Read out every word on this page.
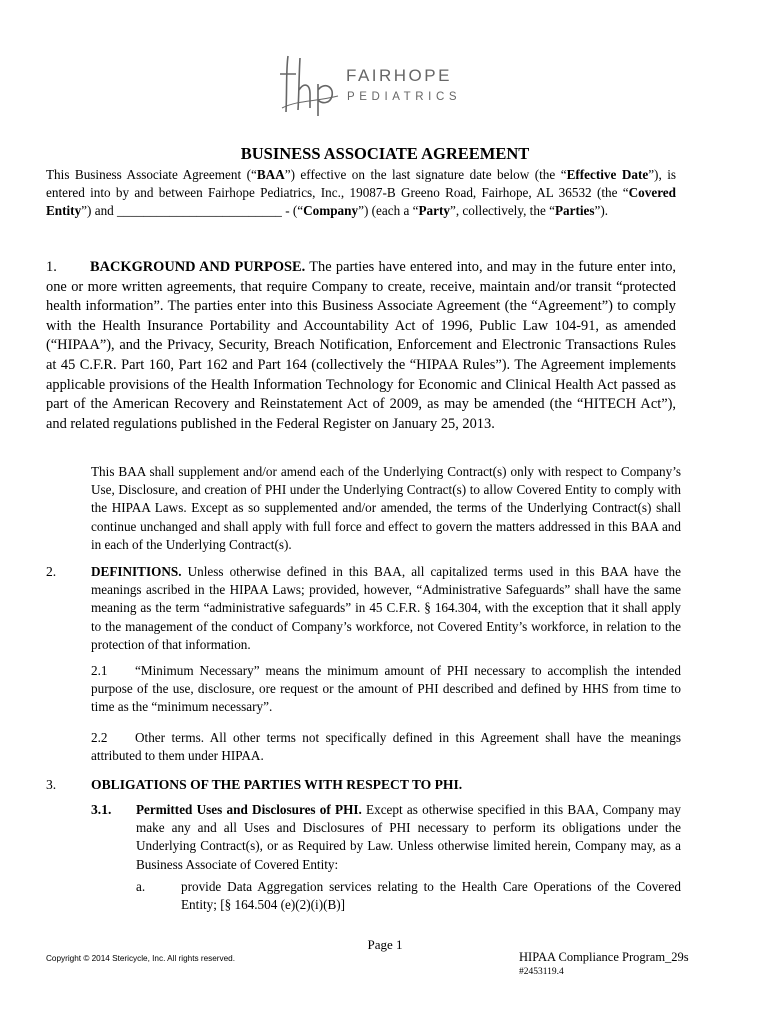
FAIRHOPE
PEDIATRICS
BUSINESS ASSOCIATE AGREEMENT

This Business Associate Agreement (“BAA”) effective on the last signature date below (the “Effective Date”), is entered into by and between Fairhope Pediatrics, Inc., 19087-B Greeno Road, Fairhope, AL 36532 (the “Covered Entity”) and _________________________ - (“Company”) (each a “Party”, collectively, the “Parties”).

1.	BACKGROUND AND PURPOSE. The parties have entered into, and may in the future enter into, one or more written agreements, that require Company to create, receive, maintain and/or transit “protected health information”. The parties enter into this Business Associate Agreement (the “Agreement”) to comply with the Health Insurance Portability and Accountability Act of 1996, Public Law 104-91, as amended (“HIPAA”), and the Privacy, Security, Breach Notification, Enforcement and Electronic Transactions Rules at 45 C.F.R. Part 160, Part 162 and Part 164 (collectively the “HIPAA Rules”). The Agreement implements applicable provisions of the Health Information Technology for Economic and Clinical Health Act passed as part of the American Recovery and Reinstatement Act of 2009, as may be amended (the “HITECH Act”), and related regulations published in the Federal Register on January 25, 2013.

This BAA shall supplement and/or amend each of the Underlying Contract(s) only with respect to Company’s Use, Disclosure, and creation of PHI under the Underlying Contract(s) to allow Covered Entity to comply with the HIPAA Laws. Except as so supplemented and/or amended, the terms of the Underlying Contract(s) shall continue unchanged and shall apply with full force and effect to govern the matters addressed in this BAA and in each of the Underlying Contract(s).

2.	DEFINITIONS. Unless otherwise defined in this BAA, all capitalized terms used in this BAA have the meanings ascribed in the HIPAA Laws; provided, however, “Administrative Safeguards” shall have the same meaning as the term “administrative safeguards” in 45 C.F.R. § 164.304, with the exception that it shall apply to the management of the conduct of Company’s workforce, not Covered Entity’s workforce, in relation to the protection of that information.

2.1	“Minimum Necessary” means the minimum amount of PHI necessary to accomplish the intended purpose of the use, disclosure, ore request or the amount of PHI described and defined by HHS from time to time as the “minimum necessary”.

2.2	Other terms. All other terms not specifically defined in this Agreement shall have the meanings attributed to them under HIPAA.

3.	OBLIGATIONS OF THE PARTIES WITH RESPECT TO PHI.
3.1. Permitted Uses and Disclosures of PHI. Except as otherwise specified in this BAA, Company may make any and all Uses and Disclosures of PHI necessary to perform its obligations under the Underlying Contract(s), or as Required by Law. Unless otherwise limited herein, Company may, as a Business Associate of Covered Entity:

a.	provide Data Aggregation services relating to the Health Care Operations of the Covered Entity; [§ 164.504 (e)(2)(i)(B)]

Page 1
Copyright © 2014 Stericycle, Inc. All rights reserved.	HIPAA Compliance Program_29s
#2453119.4
